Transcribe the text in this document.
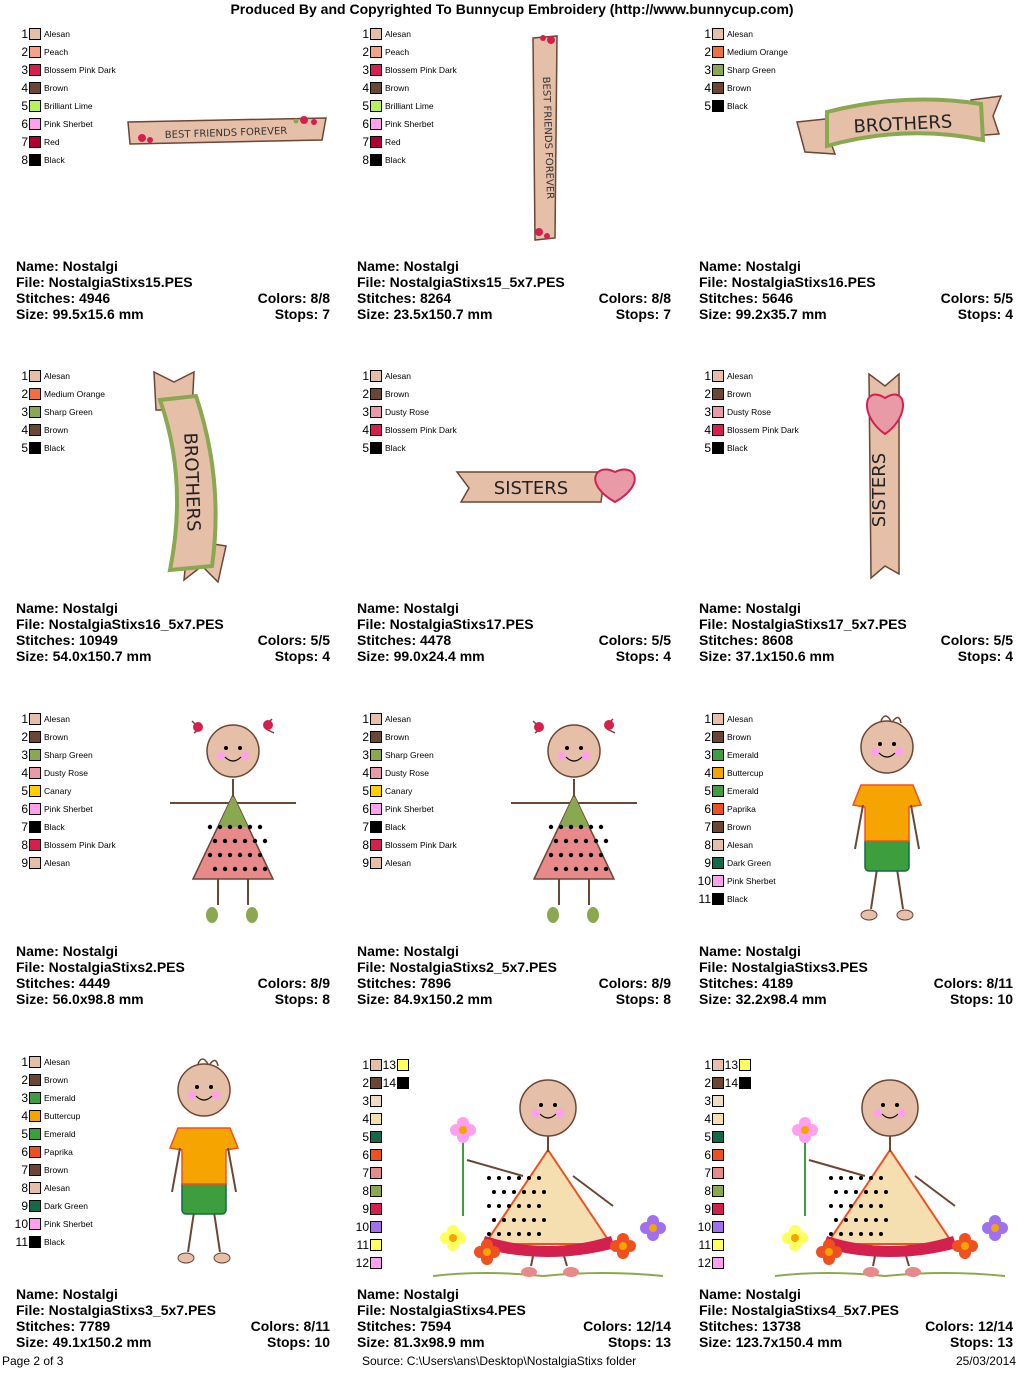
Produced By and Copyrighted To Bunnycup Embroidery (http://www.bunnycup.com)
1 Alesan
2 Peach
3 Blossem Pink Dark
4 Brown
5 Brilliant Lime
6 Pink Sherbet
7 Red
8 Black
BEST FRIENDS FOREVER
Name: Nostalgi
File: NostalgiaStixs15.PES
Stitches: 4946	Colors: 8/8
Size: 99.5x15.6 mm	Stops: 7
1 Alesan
2 Peach
3 Blossem Pink Dark
4 Brown
5 Brilliant Lime
6 Pink Sherbet
7 Red
8 Black	BEST FRIENDS FOREVER
Name: Nostalgi
File: NostalgiaStixs15_5x7.PES
Stitches: 8264	Colors: 8/8
Size: 23.5x150.7 mm	Stops: 7
1 Alesan
2 Medium Orange
3 Sharp Green
4 Brown
5 Black
BROTHERS
Name: Nostalgi
File: NostalgiaStixs16.PES
Stitches: 5646	Colors: 5/5
Size: 99.2x35.7 mm	Stops: 4
1 Alesan
2 Medium Orange
3 Sharp Green
4 Brown
5 Black	BROTHERS
Name: Nostalgi
File: NostalgiaStixs16_5x7.PES
Stitches: 10949	Colors: 5/5
Size: 54.0x150.7 mm	Stops: 4
1 Alesan
2 Brown
3 Dusty Rose
4 Blossem Pink Dark
5 Black
SISTERS
Name: Nostalgi
File: NostalgiaStixs17.PES
Stitches: 4478	Colors: 5/5
Size: 99.0x24.4 mm	Stops: 4
1 Alesan
2 Brown
3 Dusty Rose
4 Blossem Pink Dark
5 Black
SISTERS
Name: Nostalgi
File: NostalgiaStixs17_5x7.PES
Stitches: 8608	Colors: 5/5
Size: 37.1x150.6 mm	Stops: 4
1 Alesan
2 Brown
3 Sharp Green
4 Dusty Rose
5 Canary
6 Pink Sherbet
7 Black
8 Blossem Pink Dark
9 Alesan
Name: Nostalgi
File: NostalgiaStixs2.PES
Stitches: 4449	Colors: 8/9
Size: 56.0x98.8 mm	Stops: 8
1 Alesan
2 Brown
3 Sharp Green
4 Dusty Rose
5 Canary
6 Pink Sherbet
7 Black
8 Blossem Pink Dark
9 Alesan
Name: Nostalgi
File: NostalgiaStixs2_5x7.PES
Stitches: 7896	Colors: 8/9
Size: 84.9x150.2 mm	Stops: 8
1 Alesan
2 Brown
3 Emerald
4 Buttercup
5 Emerald
6 Paprika
7 Brown
8 Alesan
9 Dark Green
10 Pink Sherbet
11 Black
Name: Nostalgi
File: NostalgiaStixs3.PES
Stitches: 4189	Colors: 8/11
Size: 32.2x98.4 mm	Stops: 10
1 Alesan
2 Brown
3 Emerald
4 Buttercup
5 Emerald
6 Paprika
7 Brown
8 Alesan
9 Dark Green
10 Pink Sherbet
11 Black
Name: Nostalgi
File: NostalgiaStixs3_5x7.PES
Stitches: 7789	Colors: 8/11
Size: 49.1x150.2 mm	Stops: 10
1 13
2 14
3
4
5
6
7
8
9
10
11
12
Name: Nostalgi
File: NostalgiaStixs4.PES
Stitches: 7594	Colors: 12/14
Size: 81.3x98.9 mm	Stops: 13
1 13
2 14
3
4
5
6
7
8
9
10
11
12
Name: Nostalgi
File: NostalgiaStixs4_5x7.PES
Stitches: 13738	Colors: 12/14
Size: 123.7x150.4 mm	Stops: 13
Page 2 of 3	Source: C:\Users\ans\Desktop\NostalgiaStixs folder	25/03/2014
